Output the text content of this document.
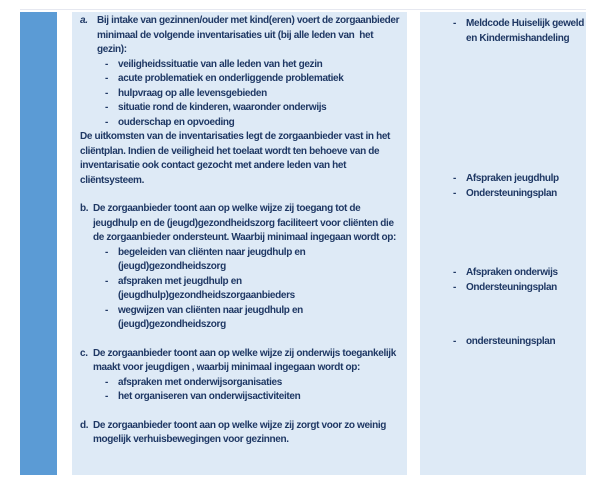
a. Bij intake van gezinnen/ouder met kind(eren) voert de zorgaanbieder minimaal de volgende inventarisaties uit (bij alle leden van  het gezin):
-	veiligheidssituatie van alle leden van het gezin
-	acute problematiek en onderliggende problematiek
-	hulpvraag op alle levensgebieden
-	situatie rond de kinderen, waaronder onderwijs
-	ouderschap en opvoeding
De uitkomsten van de inventarisaties legt de zorgaanbieder vast in het cliëntplan. Indien de veiligheid het toelaat wordt ten behoeve van de inventarisatie ook contact gezocht met andere leden van het cliëntsysteem.
b. De zorgaanbieder toont aan op welke wijze zij toegang tot de jeugdhulp en de (jeugd)gezondheidszorg faciliteert voor cliënten die de zorgaanbieder ondersteunt. Waarbij minimaal ingegaan wordt op:
-	begeleiden van cliënten naar jeugdhulp en (jeugd)gezondheidszorg
-	afspraken met jeugdhulp en (jeugdhulp)gezondheidszorgaanbieders
-	wegwijzen van cliënten naar jeugdhulp en (jeugd)gezondheidszorg
c. De zorgaanbieder toont aan op welke wijze zij onderwijs toegankelijk  maakt voor jeugdigen , waarbij minimaal ingegaan wordt op:
-	afspraken met onderwijsorganisaties
-	het organiseren van onderwijsactiviteiten
d. De zorgaanbieder toont aan op welke wijze zij zorgt voor zo weinig mogelijk verhuisbewegingen voor gezinnen.
-	Meldcode Huiselijk geweld en Kindermishandeling
-	Afspraken jeugdhulp
-	Ondersteuningsplan
-	Afspraken onderwijs
-	Ondersteuningsplan
-	ondersteuningsplan
